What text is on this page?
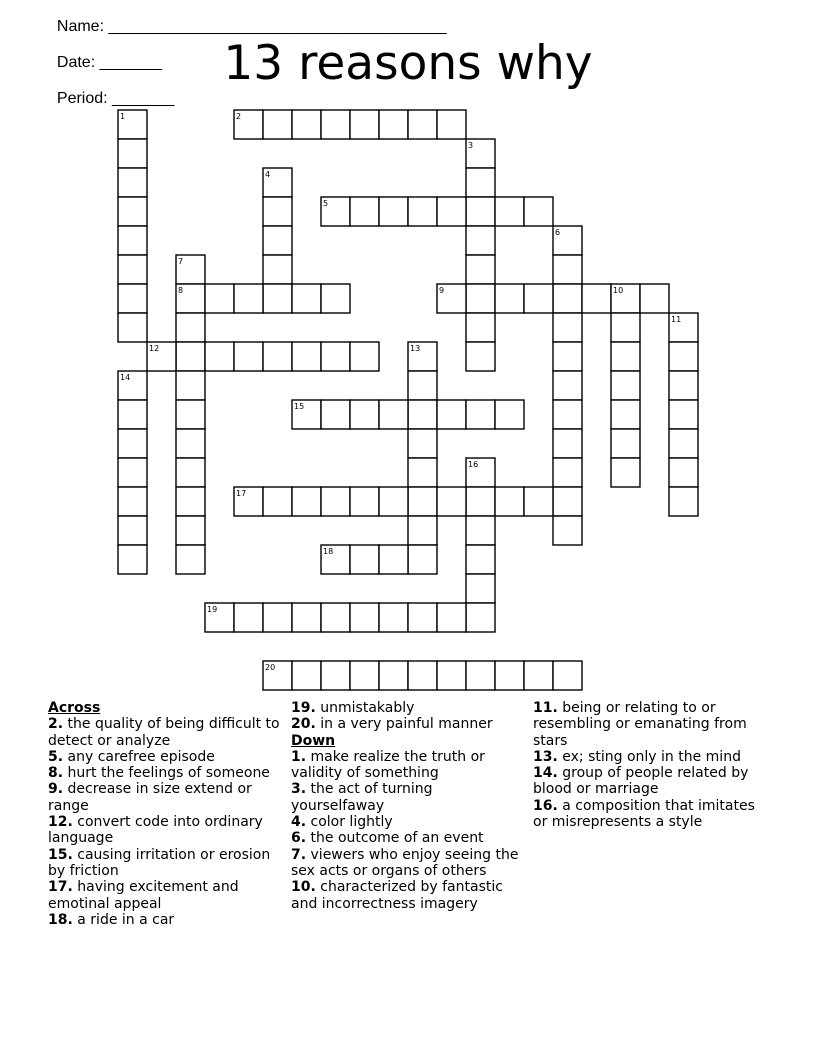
Name: ______________________________________

Date: _______

Period: _______

13 reasons why
1	2
3
4
5
6
7
8	9	10
11
12	13
14
15
16
17
18
19
20
Across
2. the quality of being difficult to detect or analyze
5. any carefree episode
8. hurt the feelings of someone
9. decrease in size extend or range
12. convert code into ordinary language
15. causing irritation or erosion by friction
17. having excitement and emotinal appeal
18. a ride in a car
19. unmistakably
20. in a very painful manner
Down
1. make realize the truth or validity of something
3. the act of turning yourselfaway
4. color lightly
6. the outcome of an event
7. viewers who enjoy seeing the sex acts or organs of others
10. characterized by fantastic and incorrectness imagery
11. being or relating to or resembling or emanating from stars
13. ex; sting only in the mind
14. group of people related by blood or marriage
16. a composition that imitates or misrepresents a style
